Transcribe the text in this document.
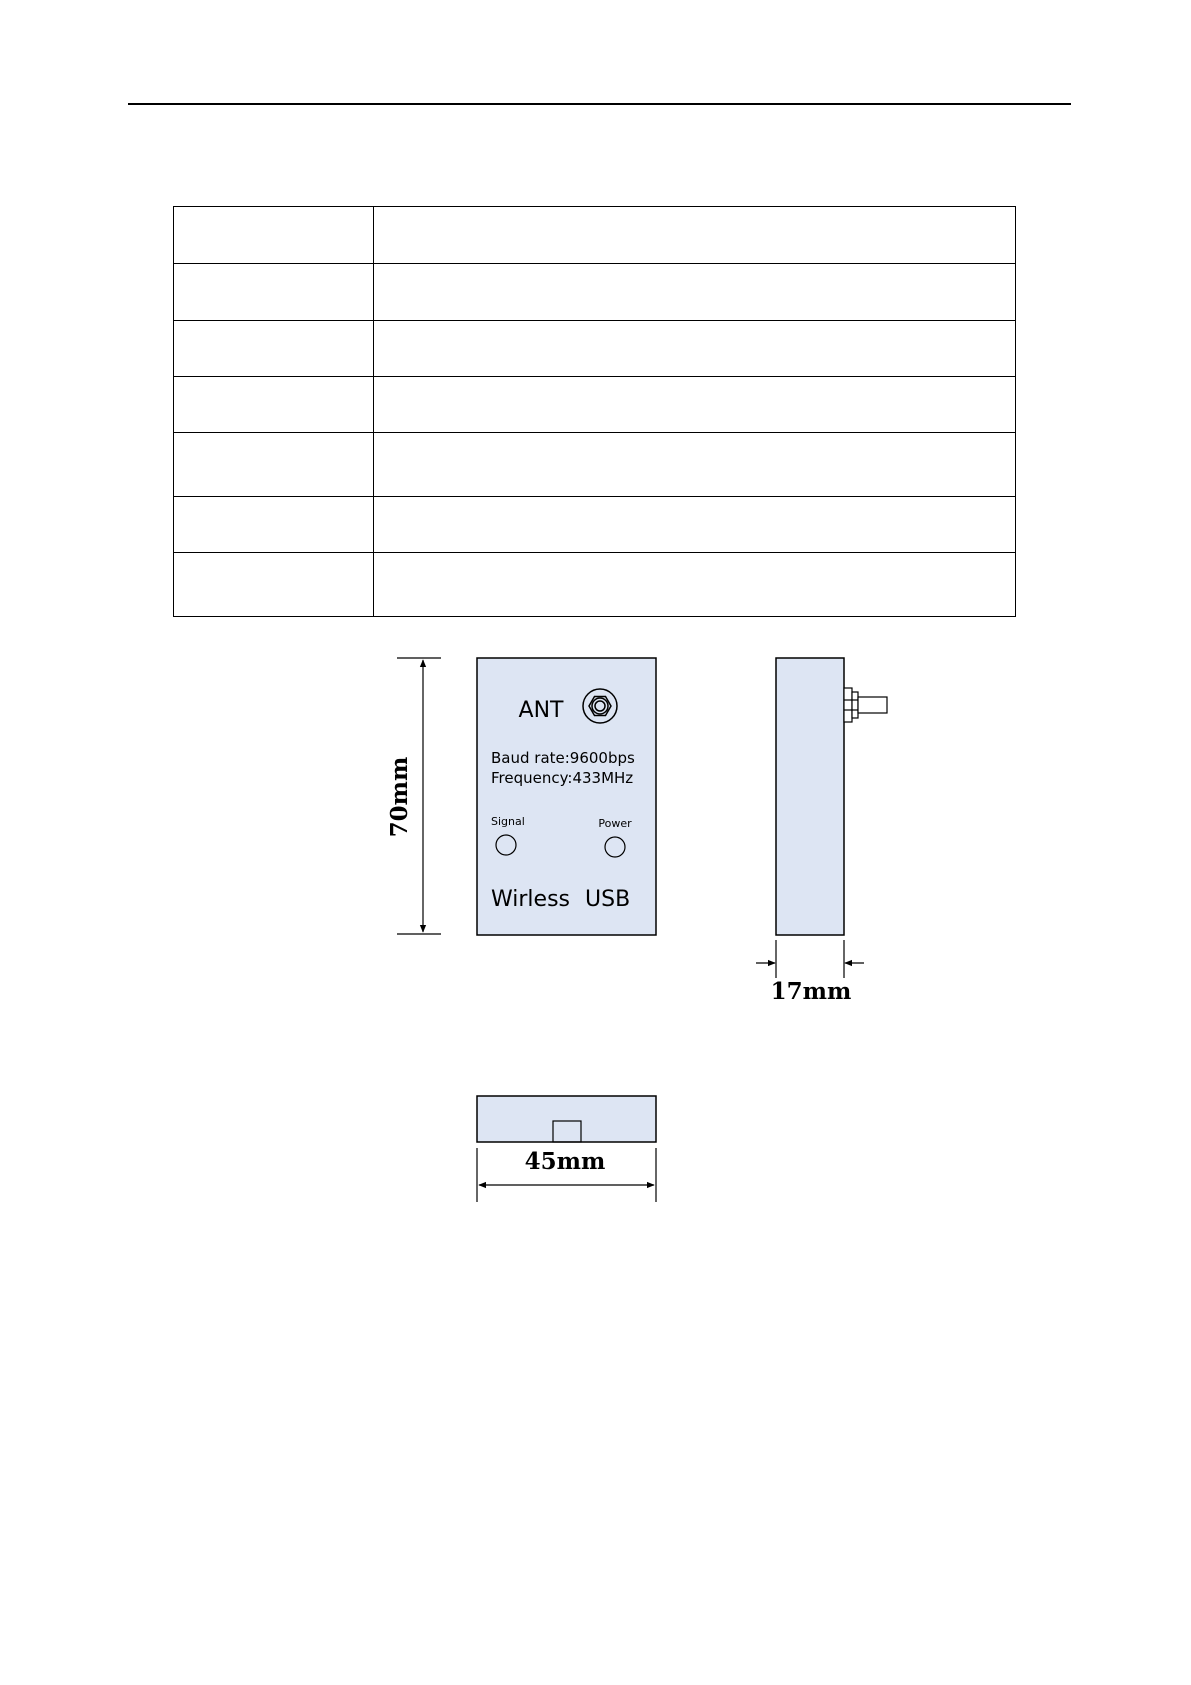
ANT
Baud rate:9600bps
Frequency:433MHz
Signal	Power
Wirless USB
70mm
17mm
45mm
